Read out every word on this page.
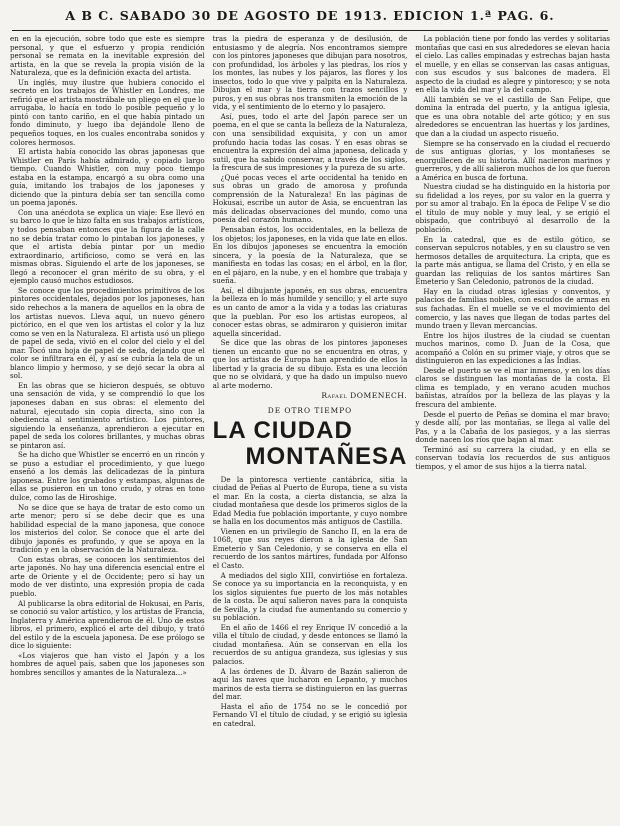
A B C. SABADO 30 DE AGOSTO DE 1913. EDICION 1.ª PAG. 6.

en en la ejecución, sobre todo que este es siempre personal, y que el esfuerzo y propia rendición personal se remata en la inevitable expresión del artista, en la que se revela la propia visión de la Naturaleza, que es la definición exacta del artista.

Un inglés, muy ilustre que hubiera conocido el secreto en los trabajos de Whistler en Londres, me refirió que el artista mostrábale un pliego en el que lo arrugaba, lo hacía en todo lo posible pequeño y lo pintó con tanto cariño, en el que había pintado un fondo diminuto, y luego iba dejándole lleno de pequeños toques, en los cuales encontraba sonidos y colores hermosos.

El artista había conocido las obras japonesas que Whistler en París había admirado, y copiado largo tiempo. Cuando Whistler, con muy poco tiempo estaba en la estampa, encargó a su obra como una guía, imitando los trabajos de los japoneses y diciendo que la pintura debía ser tan sencilla como un poema japonés.

Con una anécdota se explica un viaje: Ese llevó en su barco lo que le hizo falta en sus trabajos artísticos, y todos pensaban entonces que la figura de la calle no se debía tratar como lo pintaban los japoneses, y que el artista debía pintar por un medio extraordinario, artificioso, como se verá en las mismas obras. Siguiendo el arte de los japoneses, se llegó a reconocer el gran mérito de su obra, y el ejemplo causó muchos estudiosos.

Se conoce que los procedimientos primitivos de los pintores occidentales, dejados por los japoneses, han sido rehechos a la manera de aquellos en la obra de los artistas nuevos. Lleva aquí, un nuevo género pictórico, en el que ven los artistas el color y la luz como se ven en la Naturaleza. El artista usó un pliego de papel de seda, vivió en el color del cielo y el del mar. Tocó una hoja de papel de seda, dejando que el color se infiltrara en él, y así se cubría la tela de un blanco limpio y hermoso, y se dejó secar la obra al sol.

En las obras que se hicieron después, se obtuvo una sensación de vida, y se comprendió lo que los japoneses daban en sus obras: el elemento del natural, ejecutado sin copia directa, sino con la obediencia al sentimiento artístico. Los pintores, siguiendo la enseñanza, aprendieron a ejecutar en papel de seda los colores brillantes, y muchas obras se pintaron así.

Se ha dicho que Whistler se encerró en un rincón y se puso a estudiar el procedimiento, y que luego enseñó a los demás las delicadezas de la pintura japonesa. Entre los grabados y estampas, algunas de ellas se pusieron en un tono crudo, y otras en tono dulce, como las de Hiroshige.

No se dice que se haya de tratar de esto como un arte menor; pero sí se debe decir que es una habilidad especial de la mano japonesa, que conoce los misterios del color. Se conoce que el arte del dibujo japonés es profundo, y que se apoya en la tradición y en la observación de la Naturaleza.

Con estas obras, se conocen los sentimientos del arte japonés. No hay una diferencia esencial entre el arte de Oriente y el de Occidente; pero sí hay un modo de ver distinto, una expresión propia de cada pueblo.

Al publicarse la obra editorial de Hokusai, en Paris, se conoció su valor artístico, y los artistas de Francia, Inglaterra y América aprendieron de él. Uno de estos libros, el primero, explicó el arte del dibujo, y trató del estilo y de la escuela japonesa. De ese prólogo se dice lo siguiente:

«Los viajeros que han visto el Japón y a los hombres de aquel país, saben que los japoneses son hombres sencillos y amantes de la Naturaleza...»

tras la piedra de esperanza y de desilusión, de entusiasmo y de alegría. Nos encontramos siempre con los pintores japoneses que dibujan para nosotros, con profundidad, los árboles y las piedras, los ríos y los montes, las nubes y los pájaros, las flores y los insectos, todo lo que vive y palpita en la Naturaleza. Dibujan el mar y la tierra con trazos sencillos y puros, y en sus obras nos transmiten la emoción de la vida, y el sentimiento de lo eterno y lo pasajero.

Así, pues, todo el arte del Japón parece ser un poema, en el que se canta la belleza de la Naturaleza, con una sensibilidad exquisita, y con un amor profundo hacia todas las cosas. Y en esas obras se encuentra la expresión del alma japonesa, delicada y sutil, que ha sabido conservar, a través de los siglos, la frescura de sus impresiones y la pureza de su arte.

¿Qué pocas veces el arte occidental ha tenido en sus obras un grado de amorosa y profunda comprensión de la Naturaleza! En las páginas de Hokusai, escribe un autor de Asia, se encuentran las más delicadas observaciones del mundo, como una poesía del corazón humano.

Pensaban éstos, los occidentales, en la belleza de los objetos; los japoneses, en la vida que late en ellos. En los dibujos japoneses se encuentra la emoción sincera, y la poesía de la Naturaleza, que se manifiesta en todas las cosas; en el árbol, en la flor, en el pájaro, en la nube, y en el hombre que trabaja y sueña.

Así, el dibujante japonés, en sus obras, encuentra la belleza en lo más humilde y sencillo; y el arte suyo es un canto de amor a la vida y a todas las criaturas que la pueblan. Por eso los artistas europeos, al conocer estas obras, se admiraron y quisieron imitar aquella sinceridad.

Se dice que las obras de los pintores japoneses tienen un encanto que no se encuentra en otras, y que los artistas de Europa han aprendido de ellos la libertad y la gracia de su dibujo. Esta es una lección que no se olvidará, y que ha dado un impulso nuevo al arte moderno.

Rafael DOMENECH.
DE OTRO TIEMPO
LA CIUDAD
MONTAÑESA

De la pintoresca vertiente cantábrica, sitia la ciudad de Peñas al Puerto de Europa, tiene a su vista el mar. En la costa, a cierta distancia, se alza la ciudad montañesa que desde los primeros siglos de la Edad Media fue población importante, y cuyo nombre se halla en los documentos más antiguos de Castilla.

Vienen en un privilegio de Sancho II, en la era de 1068, que sus reyes dieron a la iglesia de San Emeterio y San Celedonio, y se conserva en ella el recuerdo de los santos mártires, fundada por Alfonso el Casto.

A mediados del siglo XIII, convirtióse en fortaleza. Se conoce ya su importancia en la reconquista, y en los siglos siguientes fue puerto de los más notables de la costa. De aquí salieron naves para la conquista de Sevilla, y la ciudad fue aumentando su comercio y su población.

En el año de 1466 el rey Enrique IV concedió a la villa el título de ciudad, y desde entonces se llamó la ciudad montañesa. Aún se conservan en ella los recuerdos de su antigua grandeza, sus iglesias y sus palacios.

A las órdenes de D. Álvaro de Bazán salieron de aquí las naves que lucharon en Lepanto, y muchos marinos de esta tierra se distinguieron en las guerras del mar.

Hasta el año de 1754 no se le concedió por Fernando VI el título de ciudad, y se erigió su iglesia en catedral.

La población tiene por fondo las verdes y solitarias montañas que casi en sus alrededores se elevan hacia el cielo. Las calles empinadas y estrechas bajan hasta el muelle, y en ellas se conservan las casas antiguas, con sus escudos y sus balcones de madera. El aspecto de la ciudad es alegre y pintoresco; y se nota en ella la vida del mar y la del campo.

Allí también se ve el castillo de San Felipe, que domina la entrada del puerto, y la antigua iglesia, que es una obra notable del arte gótico; y en sus alrededores se encuentran las huertas y los jardines, que dan a la ciudad un aspecto risueño.

Siempre se ha conservado en la ciudad el recuerdo de sus antiguas glorias, y los montañeses se enorgullecen de su historia. Allí nacieron marinos y guerreros, y de allí salieron muchos de los que fueron a América en busca de fortuna.

Nuestra ciudad se ha distinguido en la historia por su fidelidad a los reyes, por su valor en la guerra y por su amor al trabajo. En la época de Felipe V se dio el título de muy noble y muy leal, y se erigió el obispado, que contribuyó al desarrollo de la población.

En la catedral, que es de estilo gótico, se conservan sepulcros notables, y en su claustro se ven hermosos detalles de arquitectura. La cripta, que es la parte más antigua, se llama del Cristo, y en ella se guardan las reliquias de los santos mártires San Emeterio y San Celedonio, patronos de la ciudad.

Hay en la ciudad otras iglesias y conventos, y palacios de familias nobles, con escudos de armas en sus fachadas. En el muelle se ve el movimiento del comercio, y las naves que llegan de todas partes del mundo traen y llevan mercancías.

Entre los hijos ilustres de la ciudad se cuentan muchos marinos, como D. Juan de la Cosa, que acompañó a Colón en su primer viaje, y otros que se distinguieron en las expediciones a las Indias.

Desde el puerto se ve el mar inmenso, y en los días claros se distinguen las montañas de la costa. El clima es templado, y en verano acuden muchos bañistas, atraídos por la belleza de las playas y la frescura del ambiente.

Desde el puerto de Peñas se domina el mar bravo; y desde allí, por las montañas, se llega al valle del Pas, y a la Cabaña de los pasiegos, y a las sierras donde nacen los ríos que bajan al mar.

Terminó así su carrera la ciudad, y en ella se conservan todavía los recuerdos de sus antiguos tiempos, y el amor de sus hijos a la tierra natal.
